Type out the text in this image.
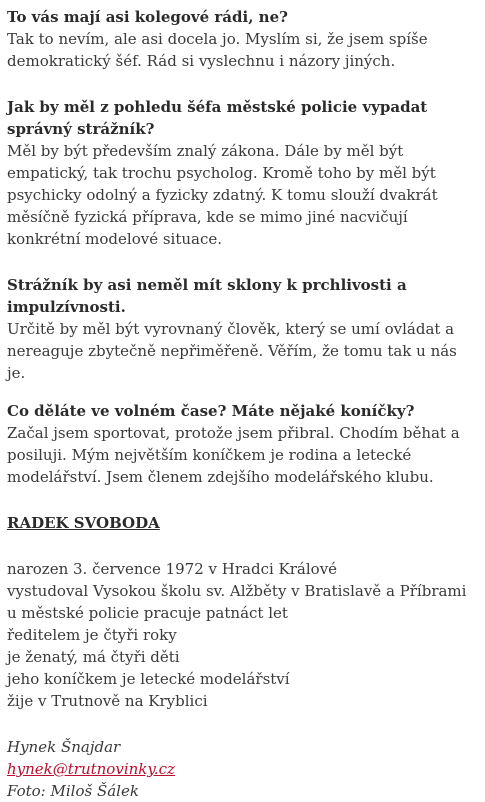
To vás mají asi kolegové rádi, ne?

Tak to nevím, ale asi docela jo. Myslím si, že jsem spíše demokratický šéf. Rád si vyslechnu i názory jiných.

Jak by měl z pohledu šéfa městské policie vypadat správný strážník?

Měl by být především znalý zákona. Dále by měl být empatický, tak trochu psycholog. Kromě toho by měl být psychicky odolný a fyzicky zdatný. K tomu slouží dvakrát měsíčně fyzická příprava, kde se mimo jiné nacvičují konkrétní modelové situace.

Strážník by asi neměl mít sklony k prchlivosti a impulzívnosti.

Určitě by měl být vyrovnaný člověk, který se umí ovládat a nereaguje zbytečně nepřiměřeně. Věřím, že tomu tak u nás je.

Co děláte ve volném čase? Máte nějaké koníčky?

Začal jsem sportovat, protože jsem přibral. Chodím běhat a posiluji. Mým největším koníčkem je rodina a letecké modelářství. Jsem členem zdejšího modelářského klubu.

RADEK SVOBODA

narozen 3. července 1972 v Hradci Králové

vystudoval Vysokou školu sv. Alžběty v Bratislavě a Příbrami

u městské policie pracuje patnáct let

ředitelem je čtyři roky

je ženatý, má čtyři děti

jeho koníčkem je letecké modelářství

žije v Trutnově na Kryblici

Hynek Šnajdar

hynek@trutnovinky.cz

Foto: Miloš Šálek
